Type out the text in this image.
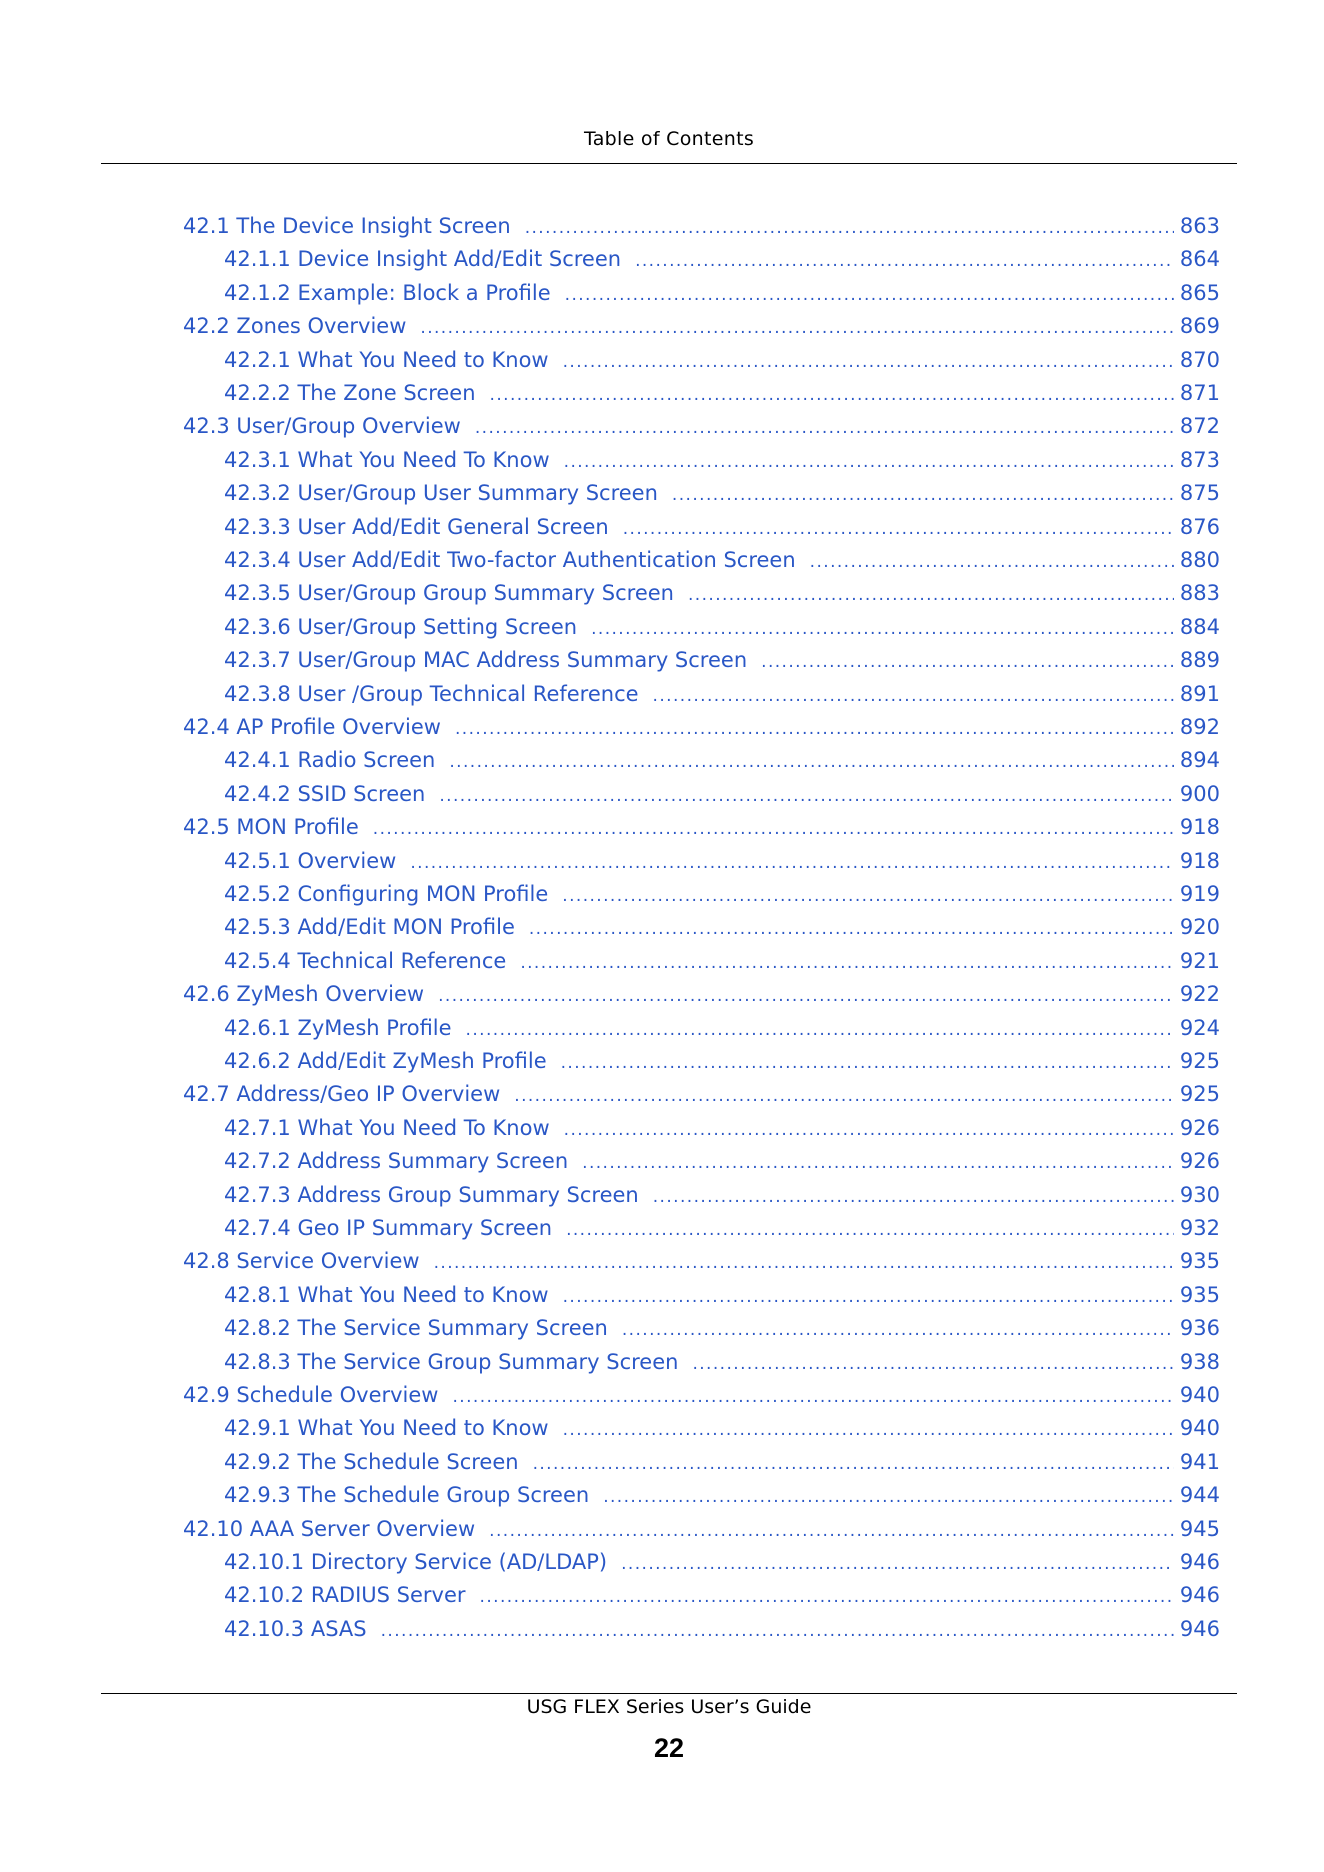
Table of Contents
42.1 The Device Insight Screen .....	863
42.1.1 Device Insight Add/Edit Screen .....	864
42.1.2 Example: Block a Profile .....	865
42.2 Zones Overview .....	869
42.2.1 What You Need to Know .....	870
42.2.2 The Zone Screen .....	871
42.3 User/Group Overview .....	872
42.3.1 What You Need To Know .....	873
42.3.2 User/Group User Summary Screen .....	875
42.3.3 User Add/Edit General Screen .....	876
42.3.4 User Add/Edit Two-factor Authentication Screen .....	880
42.3.5 User/Group Group Summary Screen .....	883
42.3.6 User/Group Setting Screen .....	884
42.3.7 User/Group MAC Address Summary Screen .....	889
42.3.8 User /Group Technical Reference .....	891
42.4 AP Profile Overview .....	892
42.4.1 Radio Screen .....	894
42.4.2 SSID Screen .....	900
42.5 MON Profile .....	918
42.5.1 Overview .....	918
42.5.2 Configuring MON Profile .....	919
42.5.3 Add/Edit MON Profile .....	920
42.5.4 Technical Reference .....	921
42.6 ZyMesh Overview .....	922
42.6.1 ZyMesh Profile .....	924
42.6.2 Add/Edit ZyMesh Profile .....	925
42.7 Address/Geo IP Overview .....	925
42.7.1 What You Need To Know .....	926
42.7.2 Address Summary Screen .....	926
42.7.3 Address Group Summary Screen .....	930
42.7.4 Geo IP Summary Screen .....	932
42.8 Service Overview .....	935
42.8.1 What You Need to Know .....	935
42.8.2 The Service Summary Screen .....	936
42.8.3 The Service Group Summary Screen .....	938
42.9 Schedule Overview .....	940
42.9.1 What You Need to Know .....	940
42.9.2 The Schedule Screen .....	941
42.9.3 The Schedule Group Screen .....	944
42.10 AAA Server Overview .....	945
42.10.1 Directory Service (AD/LDAP) .....	946
42.10.2 RADIUS Server .....	946
42.10.3 ASAS .....	946
USG FLEX Series User’s Guide
22
